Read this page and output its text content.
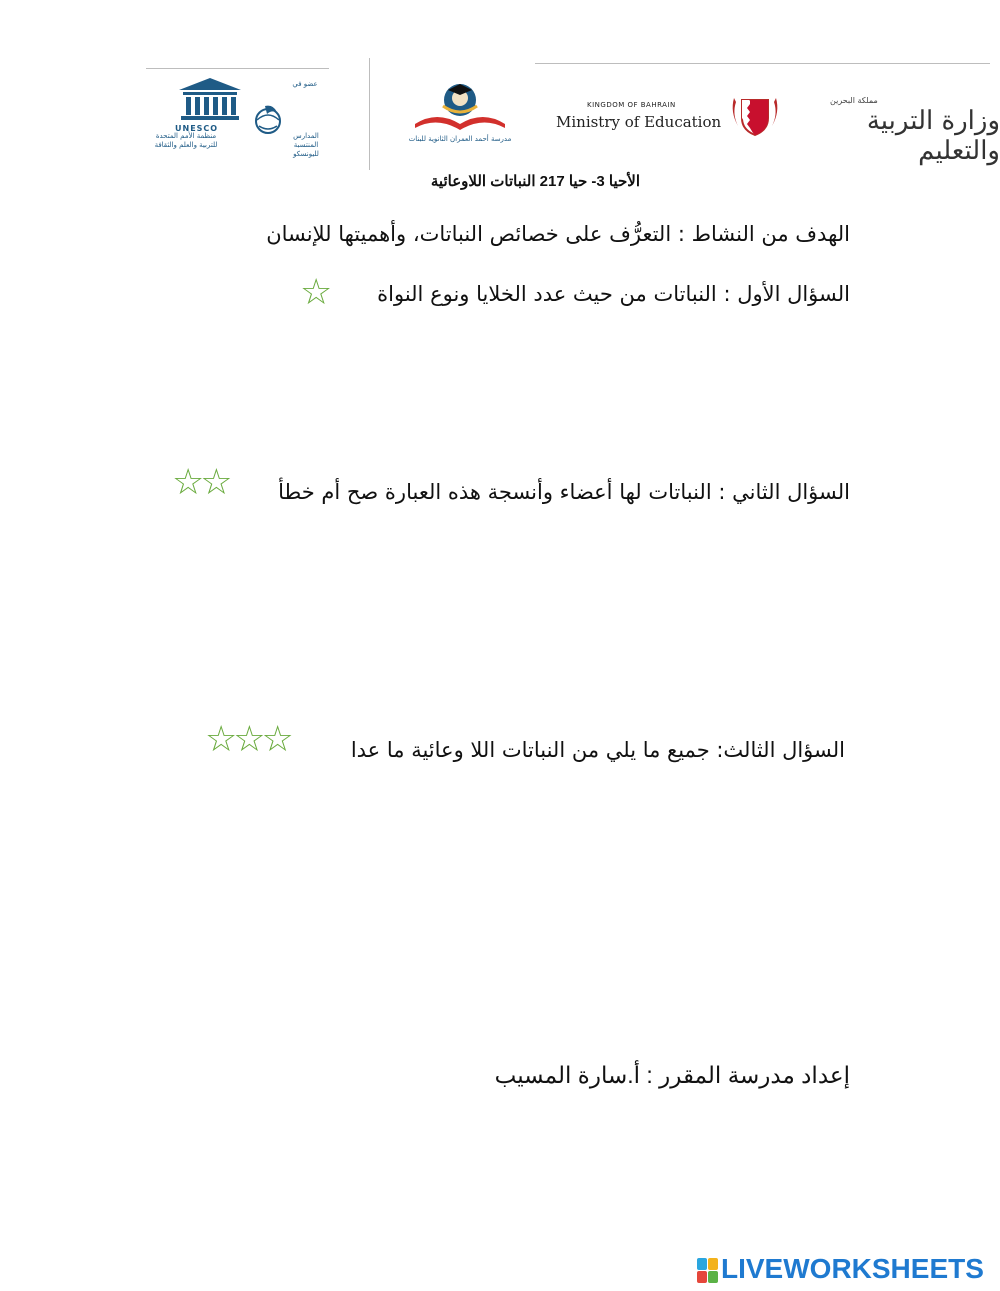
UNESCO
عضو في
المدارس المنتسبة لليونسكو
منظمة الأمم المتحدة للتربية والعلم والثقافة
مدرسة أحمد العمران الثانوية للبنات
KINGDOM OF BAHRAIN
Ministry of Education
مملكة البحرين
وزارة التربية والتعليم
الأحيا 3- حيا 217 النباتات اللاوعائية
الهدف من النشاط : التعرُّف على خصائص النباتات، وأهميتها للإنسان
السؤال الأول : النباتات من حيث عدد الخلايا ونوع النواة
☆
السؤال الثاني : النباتات لها أعضاء وأنسجة هذه العبارة صح أم خطأ
☆☆
السؤال الثالث: جميع ما يلي من النباتات اللا وعائية ما عدا
☆☆☆
إعداد مدرسة المقرر : أ.سارة المسيب
LIVEWORKSHEETS
